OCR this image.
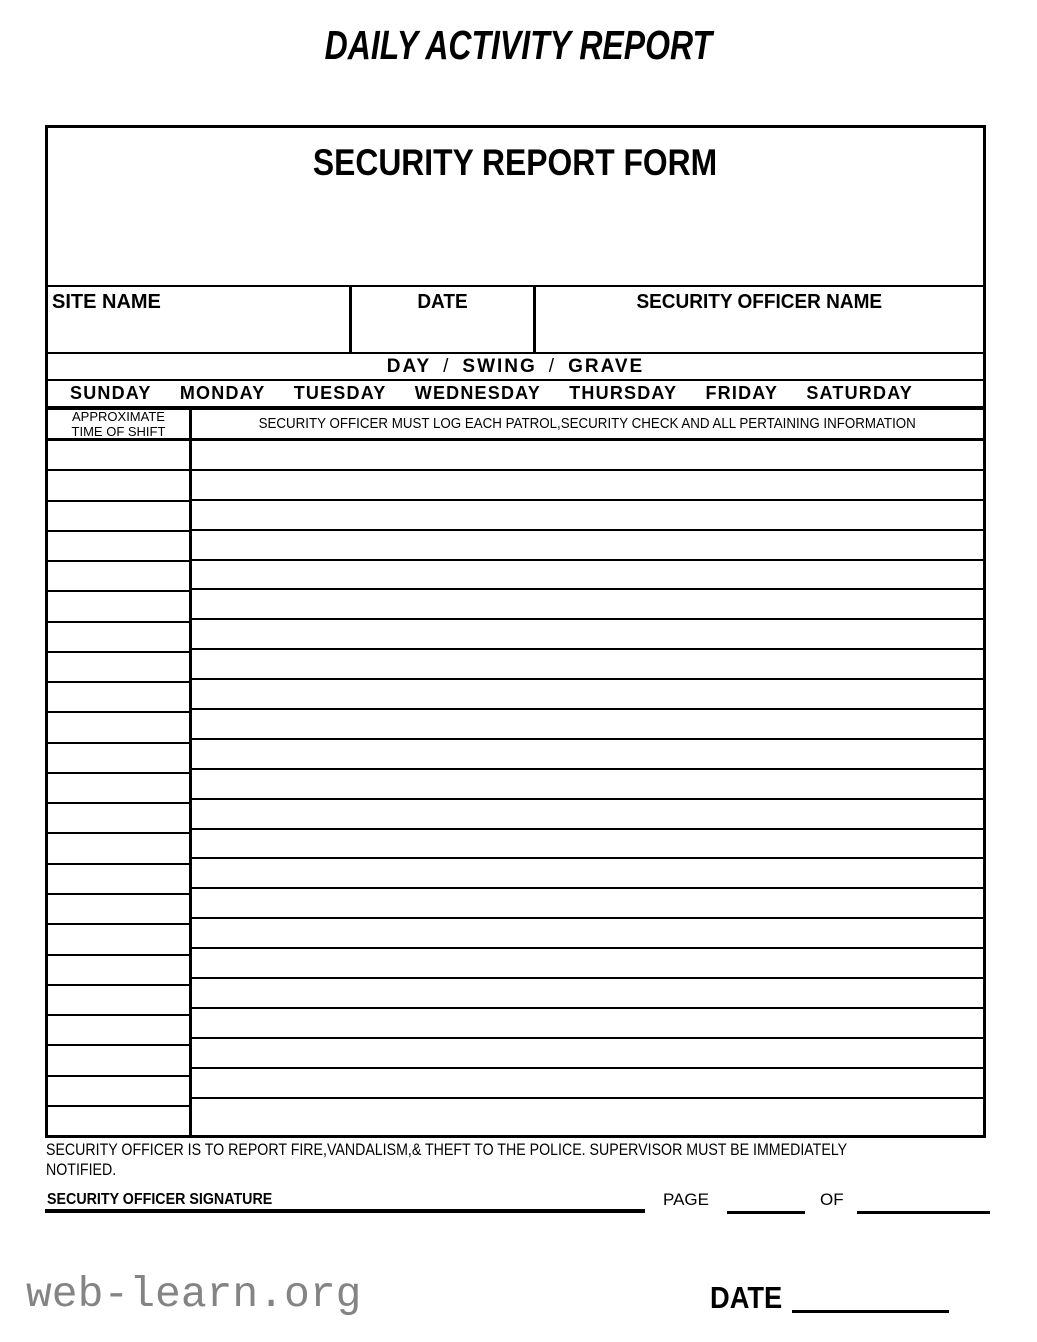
DAILY ACTIVITY REPORT
SECURITY REPORT FORM
SITE NAME	DATE	SECURITY OFFICER NAME
DAY / SWING / GRAVE
SUNDAY MONDAY TUESDAY WEDNESDAY THURSDAY FRIDAY SATURDAY
APPROXIMATE
TIME OF SHIFT	SECURITY OFFICER MUST LOG EACH PATROL,SECURITY CHECK AND ALL PERTAINING INFORMATION
SECURITY OFFICER IS TO REPORT FIRE,VANDALISM,& THEFT TO THE POLICE. SUPERVISOR MUST BE IMMEDIATELY
NOTIFIED.
SECURITY OFFICER SIGNATURE	PAGE	OF
web-learn.org	DATE
